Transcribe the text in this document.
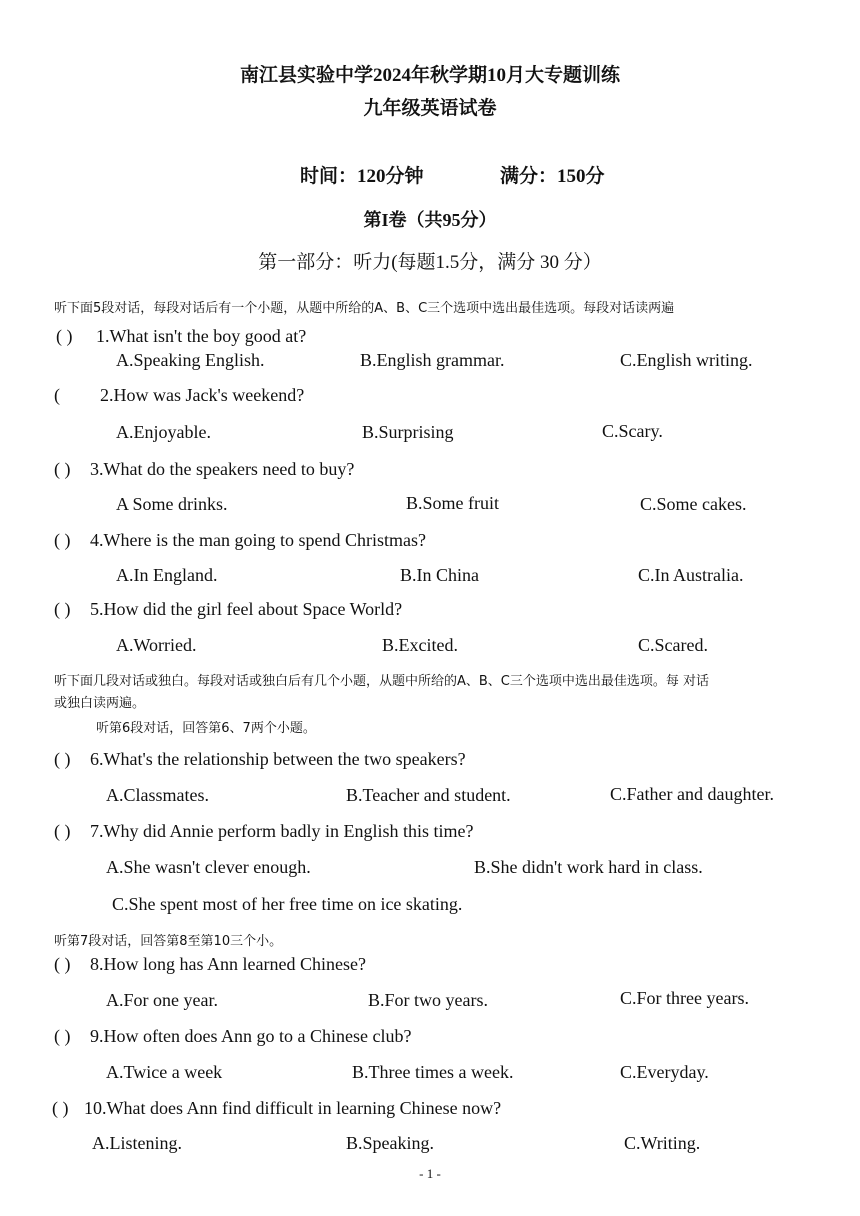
南江县实验中学2024年秋学期10月大专题训练
九年级英语试卷
时间：120分钟	满分：150分
第I卷（共95分）
第一部分：听力(每题1.5分，满分 30 分）
听下面5段对话，每段对话后有一个小题，从题中所给的A、B、C三个选项中选出最佳选项。每段对话读两遍
( ) 1.What isn't the boy good at?
A.Speaking English.	B.English grammar.	C.English writing.
( 2.How was Jack's weekend?
A.Enjoyable.	B.Surprising	C.Scary.
( ) 3.What do the speakers need to buy?
A Some drinks.	B.Some fruit	C.Some cakes.
( ) 4.Where is the man going to spend Christmas?
A.In England.	B.In China	C.In Australia.
( ) 5.How did the girl feel about Space World?
A.Worried.	B.Excited.	C.Scared.
听下面几段对话或独白。每段对话或独白后有几个小题，从题中所给的A、B、C三个选项中选出最佳选项。每 对话
或独白读两遍。
听第6段对话，回答第6、7两个小题。
( ) 6.What's the relationship between the two speakers?
A.Classmates.	B.Teacher and student.	C.Father and daughter.
( ) 7.Why did Annie perform badly in English this time?
A.She wasn't clever enough.	B.She didn't work hard in class.
C.She spent most of her free time on ice skating.
听第7段对话，回答第8至第10三个小。
( ) 8.How long has Ann learned Chinese?
A.For one year.	B.For two years.	C.For three years.
( ) 9.How often does Ann go to a Chinese club?
A.Twice a week	B.Three times a week.	C.Everyday.
( ) 10.What does Ann find difficult in learning Chinese now?
A.Listening.	B.Speaking.	C.Writing.
- 1 -
